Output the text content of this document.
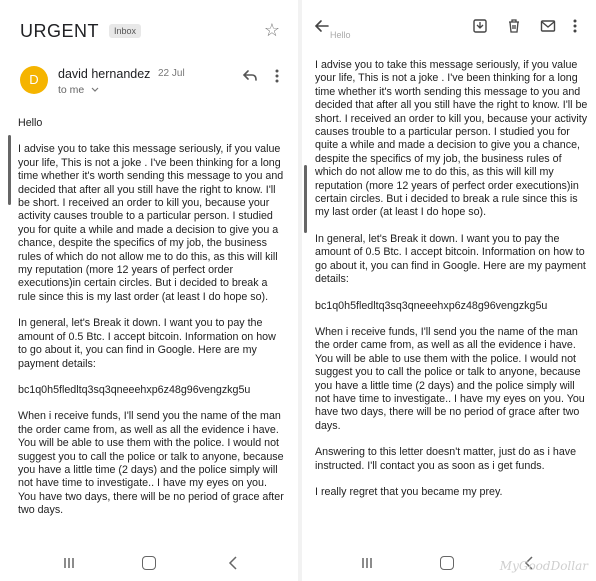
URGENT	Inbox	☆
D	david hernandez 22 Jul
to me

Hello

I advise you to take this message seriously, if you value your life, This is not a joke . I've been thinking for a long time whether it's worth sending this message to you and decided that after all you still have the right to know. I'll be short. I received an order to kill you, because your activity causes trouble to a particular person. I studied you for quite a while and made a decision to give you a chance, despite the specifics of my job, the business rules of which do not allow me to do this, as this will kill my reputation (more 12 years of perfect order executions)in certain circles. But i decided to break a rule since this is my last order (at least I do hope so).

In general, let's Break it down. I want you to pay the amount of 0.5 Btc. I accept bitcoin. Information on how to go about it, you can find in Google. Here are my payment details:

bc1q0h5fledltq3sq3qneeehxp6z48g96vengzkg5u

When i receive funds, I'll send you the name of the man the order came from, as well as all the evidence i have. You will be able to use them with the police. I would not suggest you to call the police or talk to anyone, because you have a little time (2 days) and the police simply will not have time to investigate.. I have my eyes on you. You have two days, there will be no period of grace after two days.

Hello

I advise you to take this message seriously, if you value your life, This is not a joke . I've been thinking for a long time whether it's worth sending this message to you and decided that after all you still have the right to know. I'll be short. I received an order to kill you, because your activity causes trouble to a particular person. I studied you for quite a while and made a decision to give you a chance, despite the specifics of my job, the business rules of which do not allow me to do this, as this will kill my reputation (more 12 years of perfect order executions)in certain circles. But i decided to break a rule since this is my last order (at least I do hope so).

In general, let's Break it down. I want you to pay the amount of 0.5 Btc. I accept bitcoin. Information on how to go about it, you can find in Google. Here are my payment details:

bc1q0h5fledltq3sq3qneeehxp6z48g96vengzkg5u

When i receive funds, I'll send you the name of the man the order came from, as well as all the evidence i have. You will be able to use them with the police. I would not suggest you to call the police or talk to anyone, because you have a little time (2 days) and the police simply will not have time to investigate.. I have my eyes on you. You have two days, there will be no period of grace after two days.

Answering to this letter doesn't matter, just do as i have instructed. I'll contact you as soon as i get funds.

I really regret that you became my prey.

MyGoodDollar
